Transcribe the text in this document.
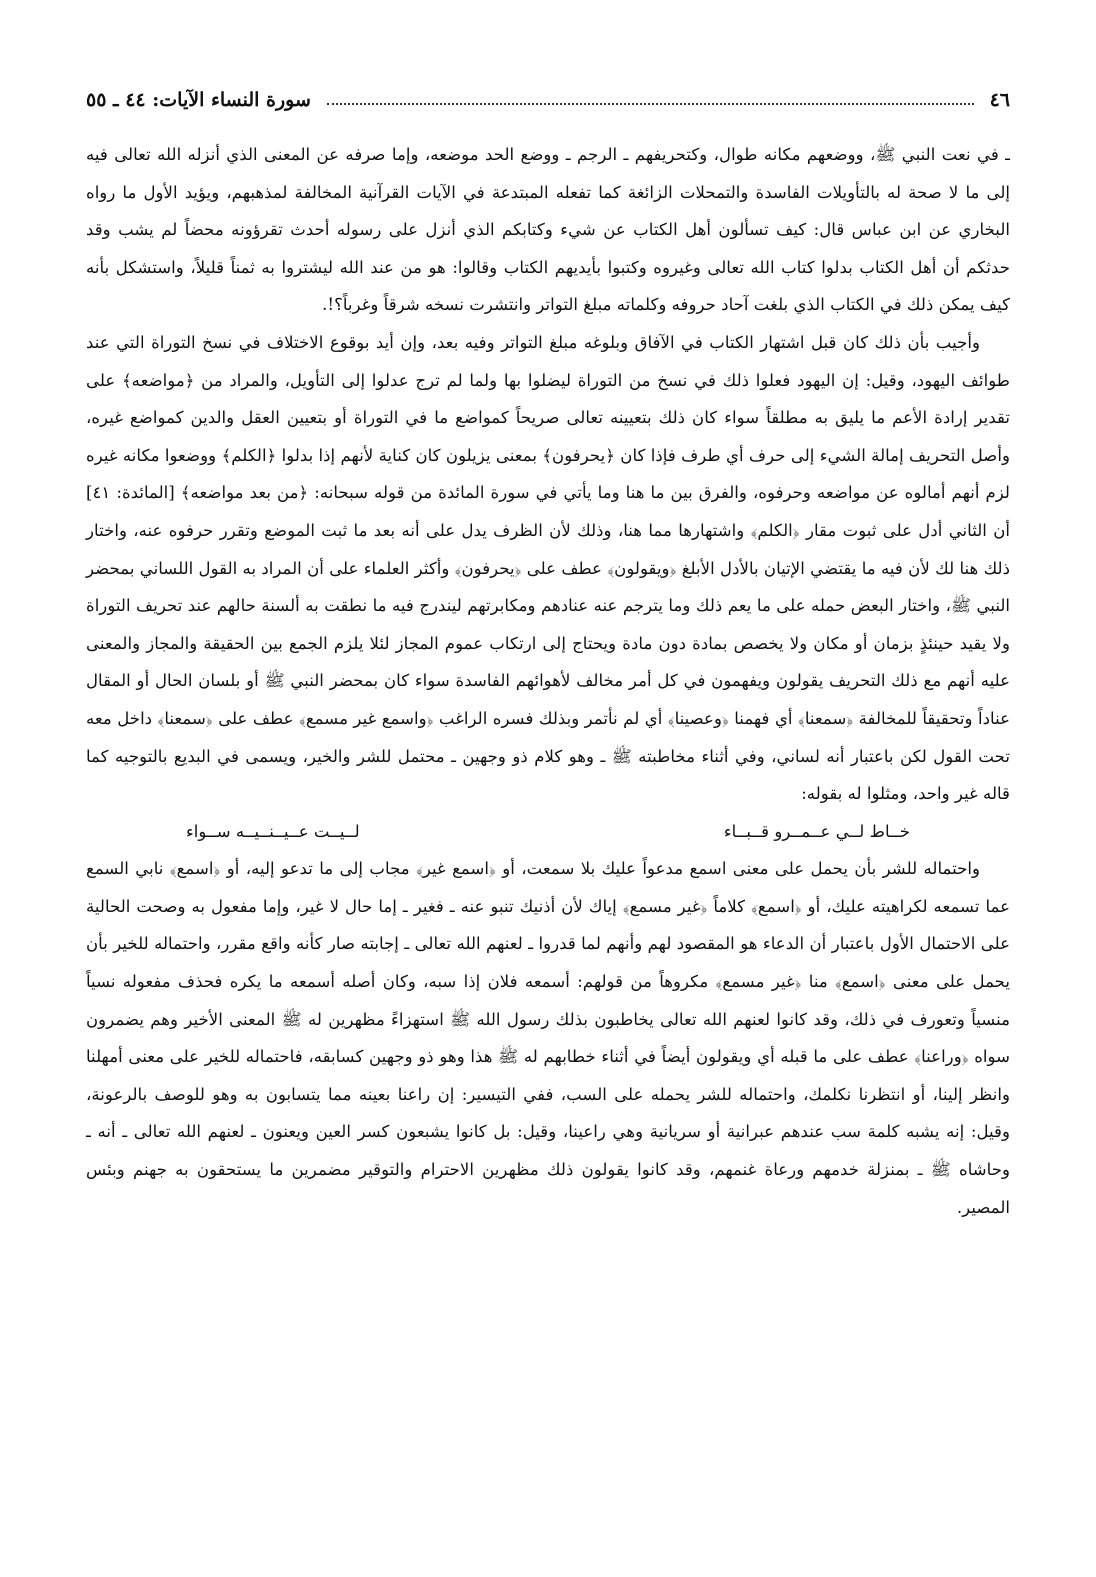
٤٦
سورة النساء الآيات: ٤٤ ـ ٥٥

ـ في نعت النبي ﷺ، ووضعهم مكانه طوال، وكتحريفهم ـ الرجم ـ ووضع الحد موضعه، وإما صرفه عن المعنى الذي أنزله الله تعالى فيه إلى ما لا صحة له بالتأويلات الفاسدة والتمحلات الزائغة كما تفعله المبتدعة في الآيات القرآنية المخالفة لمذهبهم، ويؤيد الأول ما رواه البخاري عن ابن عباس قال: كيف تسألون أهل الكتاب عن شيء وكتابكم الذي أنزل على رسوله أحدث تقرؤونه محضاً لم يشب وقد حدثكم أن أهل الكتاب بدلوا كتاب الله تعالى وغيروه وكتبوا بأيديهم الكتاب وقالوا: هو من عند الله ليشتروا به ثمناً قليلاً، واستشكل بأنه كيف يمكن ذلك في الكتاب الذي بلغت آحاد حروفه وكلماته مبلغ التواتر وانتشرت نسخه شرقاً وغرباً؟!.

وأجيب بأن ذلك كان قبل اشتهار الكتاب في الآفاق وبلوغه مبلغ التواتر وفيه بعد، وإن أيد بوقوع الاختلاف في نسخ التوراة التي عند طوائف اليهود، وقيل: إن اليهود فعلوا ذلك في نسخ من التوراة ليضلوا بها ولما لم ترج عدلوا إلى التأويل، والمراد من ﴿مواضعه﴾ على تقدير إرادة الأعم ما يليق به مطلقاً سواء كان ذلك بتعيينه تعالى صريحاً كمواضع ما في التوراة أو بتعيين العقل والدين كمواضع غيره، وأصل التحريف إمالة الشيء إلى حرف أي طرف فإذا كان ﴿يحرفون﴾ بمعنى يزيلون كان كناية لأنهم إذا بدلوا ﴿الكلم﴾ ووضعوا مكانه غيره لزم أنهم أمالوه عن مواضعه وحرفوه، والفرق بين ما هنا وما يأتي في سورة المائدة من قوله سبحانه: ﴿من بعد مواضعه﴾ [المائدة: ٤١] أن الثاني أدل على ثبوت مقار ﴿الكلم﴾ واشتهارها مما هنا، وذلك لأن الظرف يدل على أنه بعد ما ثبت الموضع وتقرر حرفوه عنه، واختار ذلك هنا لك لأن فيه ما يقتضي الإتيان بالأدل الأبلغ ﴿ويقولون﴾ عطف على ﴿يحرفون﴾ وأكثر العلماء على أن المراد به القول اللساني بمحضر النبي ﷺ، واختار البعض حمله على ما يعم ذلك وما يترجم عنه عنادهم ومكابرتهم ليندرج فيه ما نطقت به ألسنة حالهم عند تحريف التوراة ولا يقيد حينئذٍ بزمان أو مكان ولا يخصص بمادة دون مادة ويحتاج إلى ارتكاب عموم المجاز لئلا يلزم الجمع بين الحقيقة والمجاز والمعنى عليه أنهم مع ذلك التحريف يقولون ويفهمون في كل أمر مخالف لأهوائهم الفاسدة سواء كان بمحضر النبي ﷺ أو بلسان الحال أو المقال عناداً وتحقيقاً للمخالفة ﴿سمعنا﴾ أي فهمنا ﴿وعصينا﴾ أي لم نأتمر وبذلك فسره الراغب ﴿واسمع غير مسمع﴾ عطف على ﴿سمعنا﴾ داخل معه تحت القول لكن باعتبار أنه لساني، وفي أثناء مخاطبته ﷺ ـ وهو كلام ذو وجهين ـ محتمل للشر والخير، ويسمى في البديع بالتوجيه كما قاله غير واحد، ومثلوا له بقوله:

خــاط لــي عــمــرو قــبــاء
لــيــت عــيــنــيــه ســواء

واحتماله للشر بأن يحمل على معنى اسمع مدعواً عليك بلا سمعت، أو ﴿اسمع غير﴾ مجاب إلى ما تدعو إليه، أو ﴿اسمع﴾ نابي السمع عما تسمعه لكراهيته عليك، أو ﴿اسمع﴾ كلاماً ﴿غير مسمع﴾ إياك لأن أذنيك تنبو عنه ـ فغير ـ إما حال لا غير، وإما مفعول به وصحت الحالية على الاحتمال الأول باعتبار أن الدعاء هو المقصود لهم وأنهم لما قدروا ـ لعنهم الله تعالى ـ إجابته صار كأنه واقع مقرر، واحتماله للخير بأن يحمل على معنى ﴿اسمع﴾ منا ﴿غير مسمع﴾ مكروهاً من قولهم: أسمعه فلان إذا سبه، وكان أصله أسمعه ما يكره فحذف مفعوله نسياً منسياً وتعورف في ذلك، وقد كانوا لعنهم الله تعالى يخاطبون بذلك رسول الله ﷺ استهزاءً مظهرين له ﷺ المعنى الأخير وهم يضمرون سواه ﴿وراعنا﴾ عطف على ما قبله أي ويقولون أيضاً في أثناء خطابهم له ﷺ هذا وهو ذو وجهين كسابقه، فاحتماله للخير على معنى أمهلنا وانظر إلينا، أو انتظرنا نكلمك، واحتماله للشر يحمله على السب، ففي التيسير: إن راعنا بعينه مما يتسابون به وهو للوصف بالرعونة، وقيل: إنه يشبه كلمة سب عندهم عبرانية أو سريانية وهي راعينا، وقيل: بل كانوا يشبعون كسر العين ويعنون ـ لعنهم الله تعالى ـ أنه ـ وحاشاه ﷺ ـ بمنزلة خدمهم ورعاة غنمهم، وقد كانوا يقولون ذلك مظهرين الاحترام والتوقير مضمرين ما يستحقون به جهنم وبئس المصير.
